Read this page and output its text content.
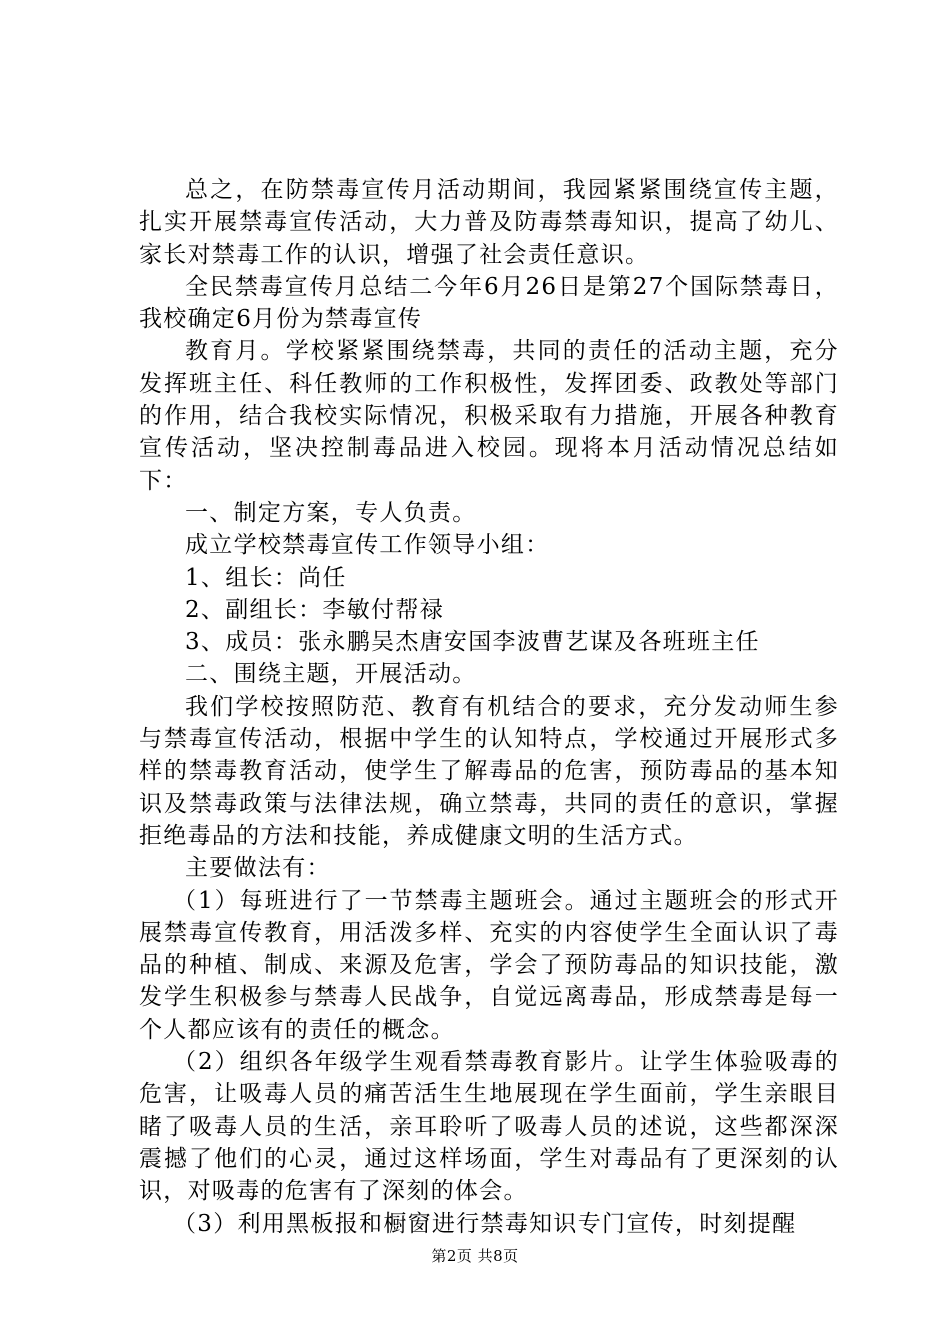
总之，在防禁毒宣传月活动期间，我园紧紧围绕宣传主题，扎实开展禁毒宣传活动，大力普及防毒禁毒知识，提高了幼儿、家长对禁毒工作的认识，增强了社会责任意识。

全民禁毒宣传月总结二今年6月26日是第27个国际禁毒日，我校确定6月份为禁毒宣传

教育月。学校紧紧围绕禁毒，共同的责任的活动主题，充分发挥班主任、科任教师的工作积极性，发挥团委、政教处等部门的作用，结合我校实际情况，积极采取有力措施，开展各种教育宣传活动，坚决控制毒品进入校园。现将本月活动情况总结如下：

一、制定方案，专人负责。

成立学校禁毒宣传工作领导小组：

1、组长：尚任

2、副组长：李敏付帮禄

3、成员：张永鹏吴杰唐安国李波曹艺谋及各班班主任

二、围绕主题，开展活动。

我们学校按照防范、教育有机结合的要求，充分发动师生参与禁毒宣传活动，根据中学生的认知特点，学校通过开展形式多样的禁毒教育活动，使学生了解毒品的危害，预防毒品的基本知识及禁毒政策与法律法规，确立禁毒，共同的责任的意识，掌握拒绝毒品的方法和技能，养成健康文明的生活方式。

主要做法有：

（1）每班进行了一节禁毒主题班会。通过主题班会的形式开展禁毒宣传教育，用活泼多样、充实的内容使学生全面认识了毒品的种植、制成、来源及危害，学会了预防毒品的知识技能，激发学生积极参与禁毒人民战争，自觉远离毒品，形成禁毒是每一个人都应该有的责任的概念。

（2）组织各年级学生观看禁毒教育影片。让学生体验吸毒的危害，让吸毒人员的痛苦活生生地展现在学生面前，学生亲眼目睹了吸毒人员的生活，亲耳聆听了吸毒人员的述说，这些都深深震撼了他们的心灵，通过这样场面，学生对毒品有了更深刻的认识，对吸毒的危害有了深刻的体会。

（3）利用黑板报和橱窗进行禁毒知识专门宣传，时刻提醒

第2页 共8页
